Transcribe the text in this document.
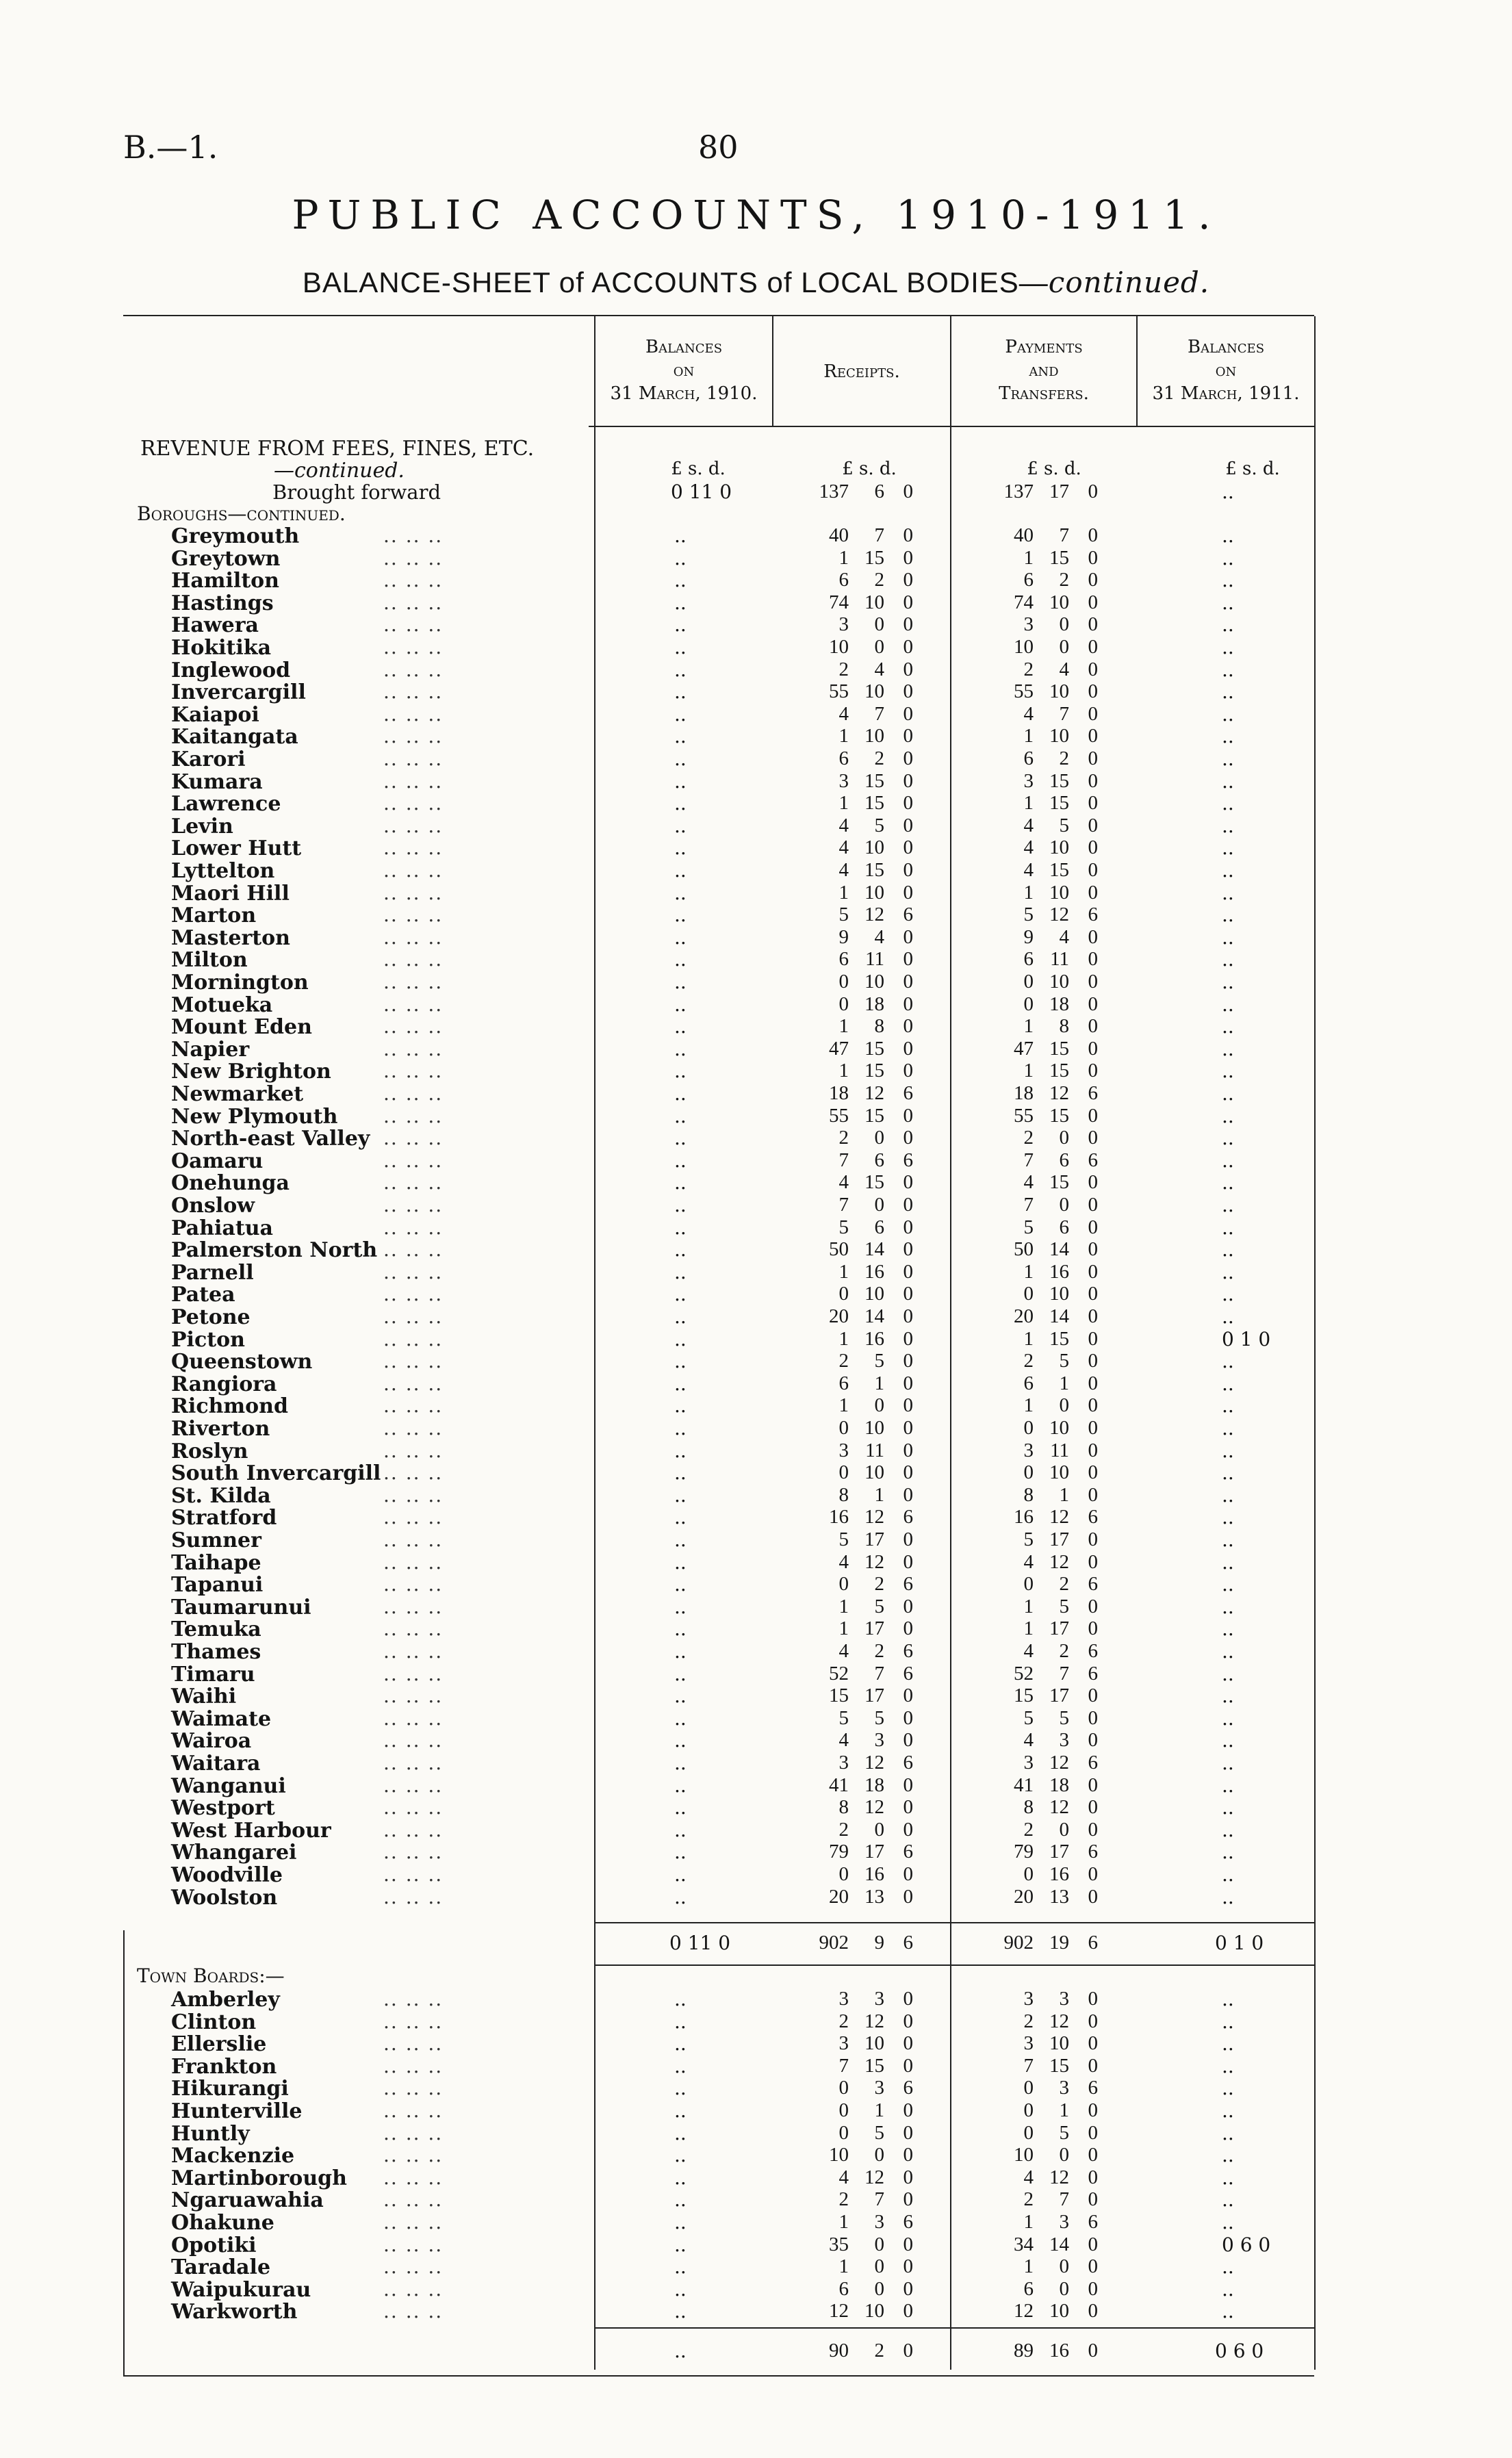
B.—1.	80
PUBLIC ACCOUNTS, 1910-1911.
BALANCE-SHEET of ACCOUNTS of LOCAL BODIES—continued.
Balances
on
31 March, 1910.
Receipts.
Payments
and
Transfers.
Balances
on
31 March, 1911.
REVENUE FROM FEES, FINES, ETC.
—continued.	£ s. d.	£ s. d.	£ s. d.	£ s. d.
Brought forward	0 11 0	137 6 0	137 17 0	..
Boroughs—continued.
Greymouth	.. .. ..	..	40 7 0	40 7 0	..
Greytown	.. .. ..	..	1 15 0	1 15 0	..
Hamilton	.. .. ..	..	6 2 0	6 2 0	..
Hastings	.. .. ..	..	74 10 0	74 10 0	..
Hawera	.. .. ..	..	3 0 0	3 0 0	..
Hokitika	.. .. ..	..	10 0 0	10 0 0	..
Inglewood	.. .. ..	..	2 4 0	2 4 0	..
Invercargill	.. .. ..	..	55 10 0	55 10 0	..
Kaiapoi	.. .. ..	..	4 7 0	4 7 0	..
Kaitangata	.. .. ..	..	1 10 0	1 10 0	..
Karori	.. .. ..	..	6 2 0	6 2 0	..
Kumara	.. .. ..	..	3 15 0	3 15 0	..
Lawrence	.. .. ..	..	1 15 0	1 15 0	..
Levin	.. .. ..	..	4 5 0	4 5 0	..
Lower Hutt	.. .. ..	..	4 10 0	4 10 0	..
Lyttelton	.. .. ..	..	4 15 0	4 15 0	..
Maori Hill	.. .. ..	..	1 10 0	1 10 0	..
Marton	.. .. ..	..	5 12 6	5 12 6	..
Masterton	.. .. ..	..	9 4 0	9 4 0	..
Milton	.. .. ..	..	6 11 0	6 11 0	..
Mornington	.. .. ..	..	0 10 0	0 10 0	..
Motueka	.. .. ..	..	0 18 0	0 18 0	..
Mount Eden	.. .. ..	..	1 8 0	1 8 0	..
Napier	.. .. ..	..	47 15 0	47 15 0	..
New Brighton	.. .. ..	..	1 15 0	1 15 0	..
Newmarket	.. .. ..	..	18 12 6	18 12 6	..
New Plymouth .. .. ..	..	55 15 0	55 15 0	..
North-east Valley .. .. ..	..	2 0 0	2 0 0	..
Oamaru	.. .. ..	..	7 6 6	7 6 6	..
Onehunga	.. .. ..	..	4 15 0	4 15 0	..
Onslow	.. .. ..	..	7 0 0	7 0 0	..
Pahiatua	.. .. ..	..	5 6 0	5 6 0	..
Palmerston North .. .. ..	..	50 14 0	50 14 0	..
Parnell	.. .. ..	..	1 16 0	1 16 0	..
Patea	.. .. ..	..	0 10 0	0 10 0	..
Petone	.. .. ..	..	20 14 0	20 14 0	..
Picton	.. .. ..	..	1 16 0	1 15 0	0 1 0
Queenstown	.. .. ..	..	2 5 0	2 5 0	..
Rangiora	.. .. ..	..	6 1 0	6 1 0	..
Richmond	.. .. ..	..	1 0 0	1 0 0	..
Riverton	.. .. ..	..	0 10 0	0 10 0	..
Roslyn	.. .. ..	..	3 11 0	3 11 0	..
South Invercargill .. .. ..	..	0 10 0	0 10 0	..
St. Kilda	.. .. ..	..	8 1 0	8 1 0	..
Stratford	.. .. ..	..	16 12 6	16 12 6	..
Sumner	.. .. ..	..	5 17 0	5 17 0	..
Taihape	.. .. ..	..	4 12 0	4 12 0	..
Tapanui	.. .. ..	..	0 2 6	0 2 6	..
Taumarunui	.. .. ..	..	1 5 0	1 5 0	..
Temuka	.. .. ..	..	1 17 0	1 17 0	..
Thames	.. .. ..	..	4 2 6	4 2 6	..
Timaru	.. .. ..	..	52 7 6	52 7 6	..
Waihi	.. .. ..	..	15 17 0	15 17 0	..
Waimate	.. .. ..	..	5 5 0	5 5 0	..
Wairoa	.. .. ..	..	4 3 0	4 3 0	..
Waitara	.. .. ..	..	3 12 6	3 12 6	..
Wanganui	.. .. ..	..	41 18 0	41 18 0	..
Westport	.. .. ..	..	8 12 0	8 12 0	..
West Harbour	.. .. ..	..	2 0 0	2 0 0	..
Whangarei	.. .. ..	..	79 17 6	79 17 6	..
Woodville	.. .. ..	..	0 16 0	0 16 0	..
Woolston	.. .. ..	..	20 13 0	20 13 0	..
0 11 0	902 9 6	902 19 6	0 1 0
Town Boards:—
Amberley	.. .. ..	..	3 3 0	3 3 0	..
Clinton	.. .. ..	..	2 12 0	2 12 0	..
Ellerslie	.. .. ..	..	3 10 0	3 10 0	..
Frankton	.. .. ..	..	7 15 0	7 15 0	..
Hikurangi	.. .. ..	..	0 3 6	0 3 6	..
Hunterville	.. .. ..	..	0 1 0	0 1 0	..
Huntly	.. .. ..	..	0 5 0	0 5 0	..
Mackenzie	.. .. ..	..	10 0 0	10 0 0	..
Martinborough .. .. ..	..	4 12 0	4 12 0	..
Ngaruawahia	.. .. ..	..	2 7 0	2 7 0	..
Ohakune	.. .. ..	..	1 3 6	1 3 6	..
Opotiki	.. .. ..	..	35 0 0	34 14 0	0 6 0
Taradale	.. .. ..	..	1 0 0	1 0 0	..
Waipukurau	.. .. ..	..	6 0 0	6 0 0	..
Warkworth	.. .. ..	..	12 10 0	12 10 0	..
..	90 2 0	89 16 0	0 6 0
